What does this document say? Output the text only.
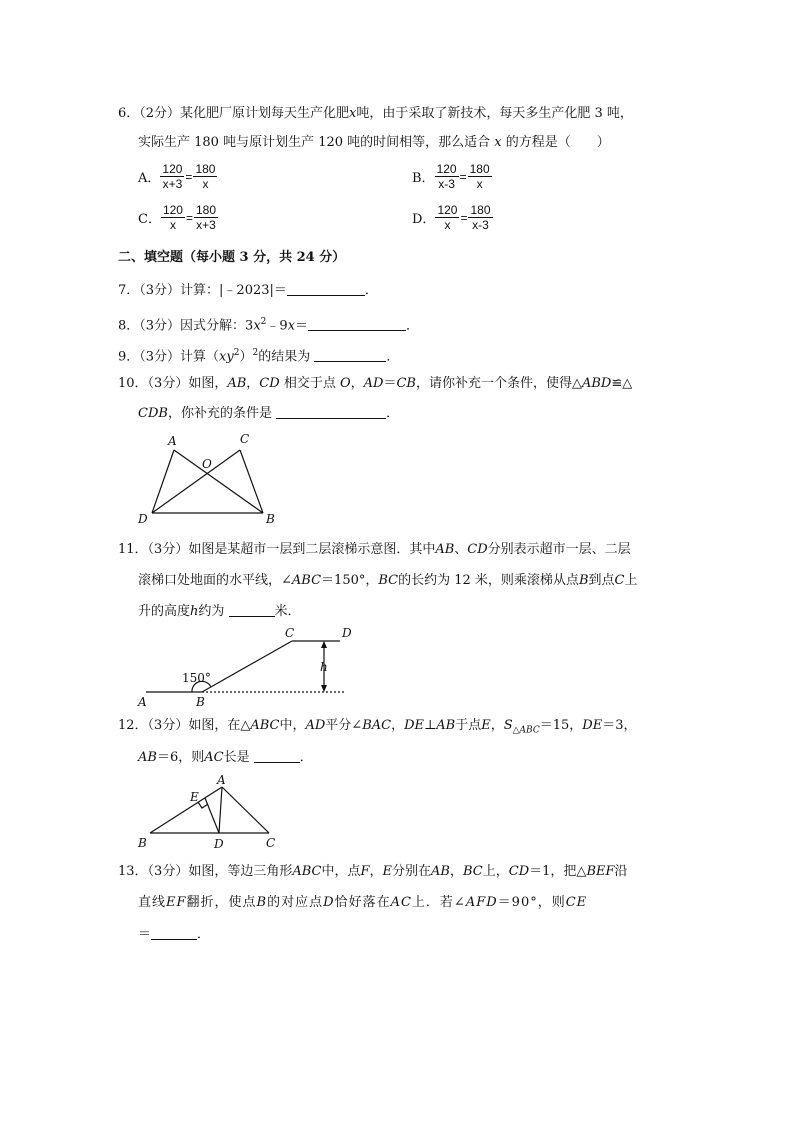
6．（2分）某化肥厂原计划每天生产化肥x吨，由于采取了新技术，每天多生产化肥 3 吨，
实际生产 180 吨与原计划生产 120 吨的时间相等，那么适合 x 的方程是（　　）
A． $\frac{120}{x+3} = \frac{180}{x}$	B． $\frac{120}{x-3} = \frac{180}{x}$
C． $\frac{120}{x} = \frac{180}{x+3}$	D． $\frac{120}{x} = \frac{180}{x-3}$
二、填空题（每小题 3 分，共 24 分）
7．（3分）计算：|﹣2023|＝	．
8．（3分）因式分解：$3x^2﹣9x=$	．
9．（3分）计算$(xy^2)^2$的结果为	．
10．（3分）如图，AB，CD 相交于点 O，AD＝CB，请你补充一个条件，使得△ABD≌△
CDB，你补充的条件是	．
A	C
O
D	B
11．（3分）如图是某超市一层到二层滚梯示意图．其中AB、CD分别表示超市一层、二层
滚梯口处地面的水平线，∠ABC＝150°，BC的长约为 12 米，则乘滚梯从点B到点C上
升的高度h约为	米．
C	D
h
150°
A	B
12．（3分）如图，在△ABC中，AD平分∠BAC，DE⊥AB于点E，$S_{\triangle ABC}=15$，DE＝3，
AB＝6，则AC长是	．
A
E
B	D	C
13．（3分）如图，等边三角形ABC中，点F，E分别在AB，BC上，CD＝1，把△BEF沿
直线EF翻折，使点B的对应点D恰好落在AC上．若∠AFD＝90°，则CE
＝	．
